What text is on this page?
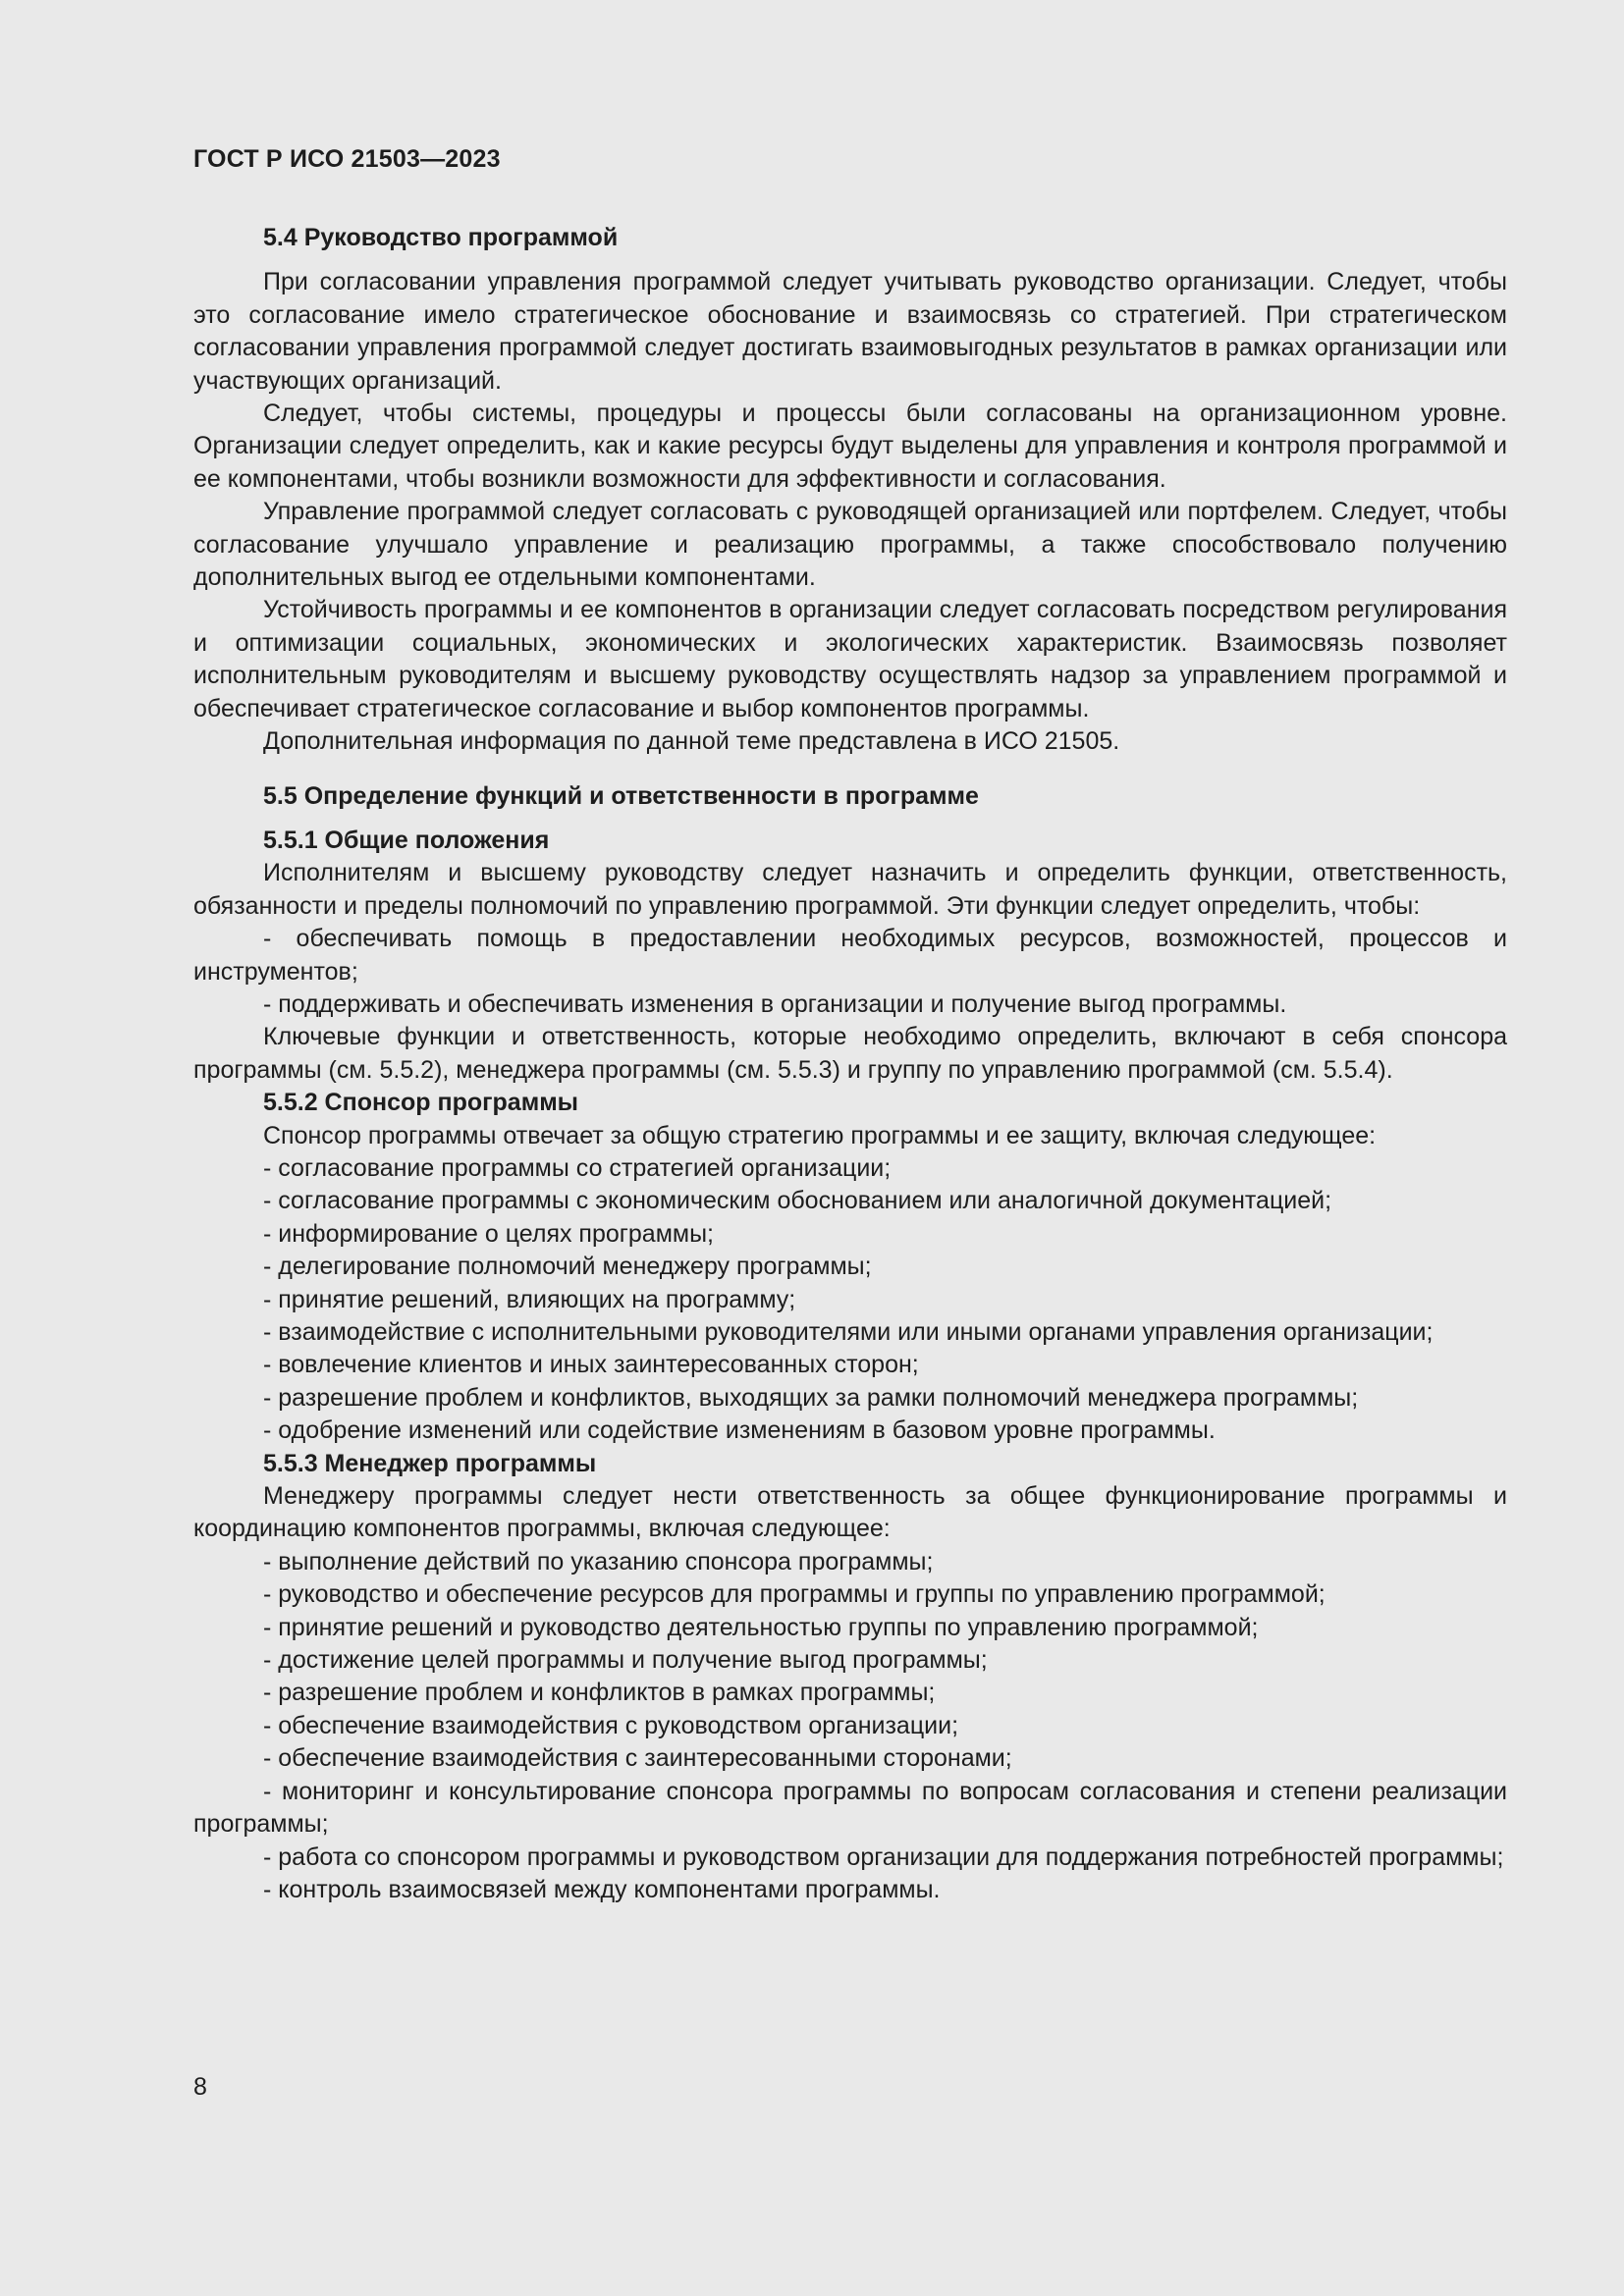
ГОСТ Р ИСО 21503—2023
5.4 Руководство программой

При согласовании управления программой следует учитывать руководство организации. Следует, чтобы это согласование имело стратегическое обоснование и взаимосвязь со стратегией. При стратегическом согласовании управления программой следует достигать взаимовыгодных результатов в рамках организации или участвующих организаций.

Следует, чтобы системы, процедуры и процессы были согласованы на организационном уровне. Организации следует определить, как и какие ресурсы будут выделены для управления и контроля программой и ее компонентами, чтобы возникли возможности для эффективности и согласования.

Управление программой следует согласовать с руководящей организацией или портфелем. Следует, чтобы согласование улучшало управление и реализацию программы, а также способствовало получению дополнительных выгод ее отдельными компонентами.

Устойчивость программы и ее компонентов в организации следует согласовать посредством регулирования и оптимизации социальных, экономических и экологических характеристик. Взаимосвязь позволяет исполнительным руководителям и высшему руководству осуществлять надзор за управлением программой и обеспечивает стратегическое согласование и выбор компонентов программы.

Дополнительная информация по данной теме представлена в ИСО 21505.

5.5 Определение функций и ответственности в программе
5.5.1 Общие положения

Исполнителям и высшему руководству следует назначить и определить функции, ответственность, обязанности и пределы полномочий по управлению программой. Эти функции следует определить, чтобы:

- обеспечивать помощь в предоставлении необходимых ресурсов, возможностей, процессов и инструментов;
- поддерживать и обеспечивать изменения в организации и получение выгод программы.

Ключевые функции и ответственность, которые необходимо определить, включают в себя спонсора программы (см. 5.5.2), менеджера программы (см. 5.5.3) и группу по управлению программой (см. 5.5.4).

5.5.2 Спонсор программы

Спонсор программы отвечает за общую стратегию программы и ее защиту, включая следующее:

- согласование программы со стратегией организации;
- согласование программы с экономическим обоснованием или аналогичной документацией;
- информирование о целях программы;
- делегирование полномочий менеджеру программы;
- принятие решений, влияющих на программу;
- взаимодействие с исполнительными руководителями или иными органами управления организации;
- вовлечение клиентов и иных заинтересованных сторон;
- разрешение проблем и конфликтов, выходящих за рамки полномочий менеджера программы;
- одобрение изменений или содействие изменениям в базовом уровне программы.
5.5.3 Менеджер программы

Менеджеру программы следует нести ответственность за общее функционирование программы и координацию компонентов программы, включая следующее:

- выполнение действий по указанию спонсора программы;
- руководство и обеспечение ресурсов для программы и группы по управлению программой;
- принятие решений и руководство деятельностью группы по управлению программой;
- достижение целей программы и получение выгод программы;
- разрешение проблем и конфликтов в рамках программы;
- обеспечение взаимодействия с руководством организации;
- обеспечение взаимодействия с заинтересованными сторонами;
- мониторинг и консультирование спонсора программы по вопросам согласования и степени реализации программы;
- работа со спонсором программы и руководством организации для поддержания потребностей программы;
- контроль взаимосвязей между компонентами программы.
8
